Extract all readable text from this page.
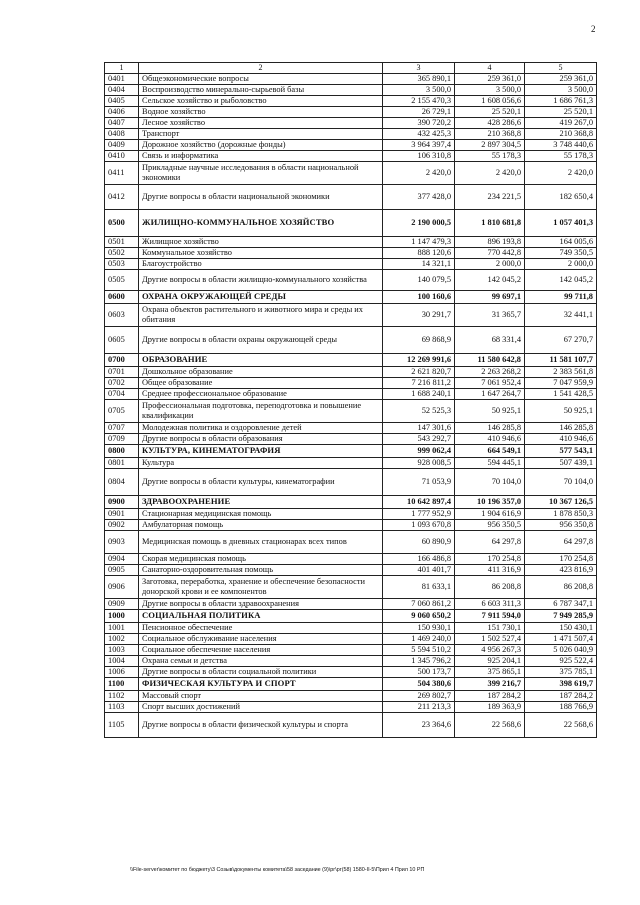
2
1	2	3	4	5
0401	Общеэкономические вопросы	365 890,1	259 361,0	259 361,0
0404	Воспроизводство минерально-сырьевой базы	3 500,0	3 500,0	3 500,0
0405	Сельское хозяйство и рыболовство	2 155 470,3	1 608 056,6	1 686 761,3
0406	Водное хозяйство	26 729,1	25 520,1	25 520,1
0407	Лесное хозяйство	390 720,2	428 286,6	419 267,0
0408	Транспорт	432 425,3	210 368,8	210 368,8
0409	Дорожное хозяйство (дорожные фонды)	3 964 397,4	2 897 304,5	3 748 440,6
0410	Связь и информатика	106 310,8	55 178,3	55 178,3
0411	Прикладные научные исследования в области национальной экономики	2 420,0	2 420,0	2 420,0
0412	Другие вопросы в области национальной экономики	377 428,0	234 221,5	182 650,4
0500	ЖИЛИЩНО-КОММУНАЛЬНОЕ ХОЗЯЙСТВО	2 190 000,5	1 810 681,8	1 057 401,3
0501	Жилищное хозяйство	1 147 479,3	896 193,8	164 005,6
0502	Коммунальное хозяйство	888 120,6	770 442,8	749 350,5
0503	Благоустройство	14 321,1	2 000,0	2 000,0
0505	Другие вопросы в области жилищно-коммунального хозяйства	140 079,5	142 045,2	142 045,2
0600	ОХРАНА ОКРУЖАЮЩЕЙ СРЕДЫ	100 160,6	99 697,1	99 711,8
0603	Охрана объектов растительного и животного мира и среды их обитания	30 291,7	31 365,7	32 441,1
0605	Другие вопросы в области охраны окружающей среды	69 868,9	68 331,4	67 270,7
0700	ОБРАЗОВАНИЕ	12 269 991,6	11 580 642,8	11 581 107,7
0701	Дошкольное образование	2 621 820,7	2 263 268,2	2 383 561,8
0702	Общее образование	7 216 811,2	7 061 952,4	7 047 959,9
0704	Среднее профессиональное образование	1 688 240,1	1 647 264,7	1 541 428,5
0705	Профессиональная подготовка, переподготовка и повышение квалификации	52 525,3	50 925,1	50 925,1
0707	Молодежная политика и оздоровление детей	147 301,6	146 285,8	146 285,8
0709	Другие вопросы в области образования	543 292,7	410 946,6	410 946,6
0800	КУЛЬТУРА, КИНЕМАТОГРАФИЯ	999 062,4	664 549,1	577 543,1
0801	Культура	928 008,5	594 445,1	507 439,1
0804	Другие вопросы в области культуры, кинематографии	71 053,9	70 104,0	70 104,0
0900	ЗДРАВООХРАНЕНИЕ	10 642 897,4	10 196 357,0	10 367 126,5
0901	Стационарная медицинская помощь	1 777 952,9	1 904 616,9	1 878 850,3
0902	Амбулаторная помощь	1 093 670,8	956 350,5	956 350,8
0903	Медицинская помощь в дневных стационарах всех типов	60 890,9	64 297,8	64 297,8
0904	Скорая медицинская помощь	166 486,8	170 254,8	170 254,8
0905	Санаторно-оздоровительная помощь	401 401,7	411 316,9	423 816,9
0906	Заготовка, переработка, хранение и обеспечение безопасности донорской крови и ее компонентов	81 633,1	86 208,8	86 208,8
0909	Другие вопросы в области здравоохранения	7 060 861,2	6 603 311,3	6 787 347,1
1000	СОЦИАЛЬНАЯ ПОЛИТИКА	9 060 650,2	7 911 594,0	7 949 285,9
1001	Пенсионное обеспечение	150 930,1	151 730,1	150 430,1
1002	Социальное обслуживание населения	1 469 240,0	1 502 527,4	1 471 507,4
1003	Социальное обеспечение населения	5 594 510,2	4 956 267,3	5 026 040,9
1004	Охрана семьи и детства	1 345 796,2	925 204,1	925 522,4
1006	Другие вопросы в области социальной политики	500 173,7	375 865,1	375 785,1
1100	ФИЗИЧЕСКАЯ КУЛЬТУРА И СПОРТ	504 380,6	399 216,7	398 619,7
1102	Массовый спорт	269 802,7	187 284,2	187 284,2
1103	Спорт высших достижений	211 213,3	189 363,9	188 766,9
1105	Другие вопросы в области физической культуры и спорта	23 364,6	22 568,6	22 568,6
\\File-server\комитет по бюджету\3 Созыв\документы комитета\58 заседание (9)\рг\рг(58) 1580-II-5\Прил 4 Прил 10 РП
